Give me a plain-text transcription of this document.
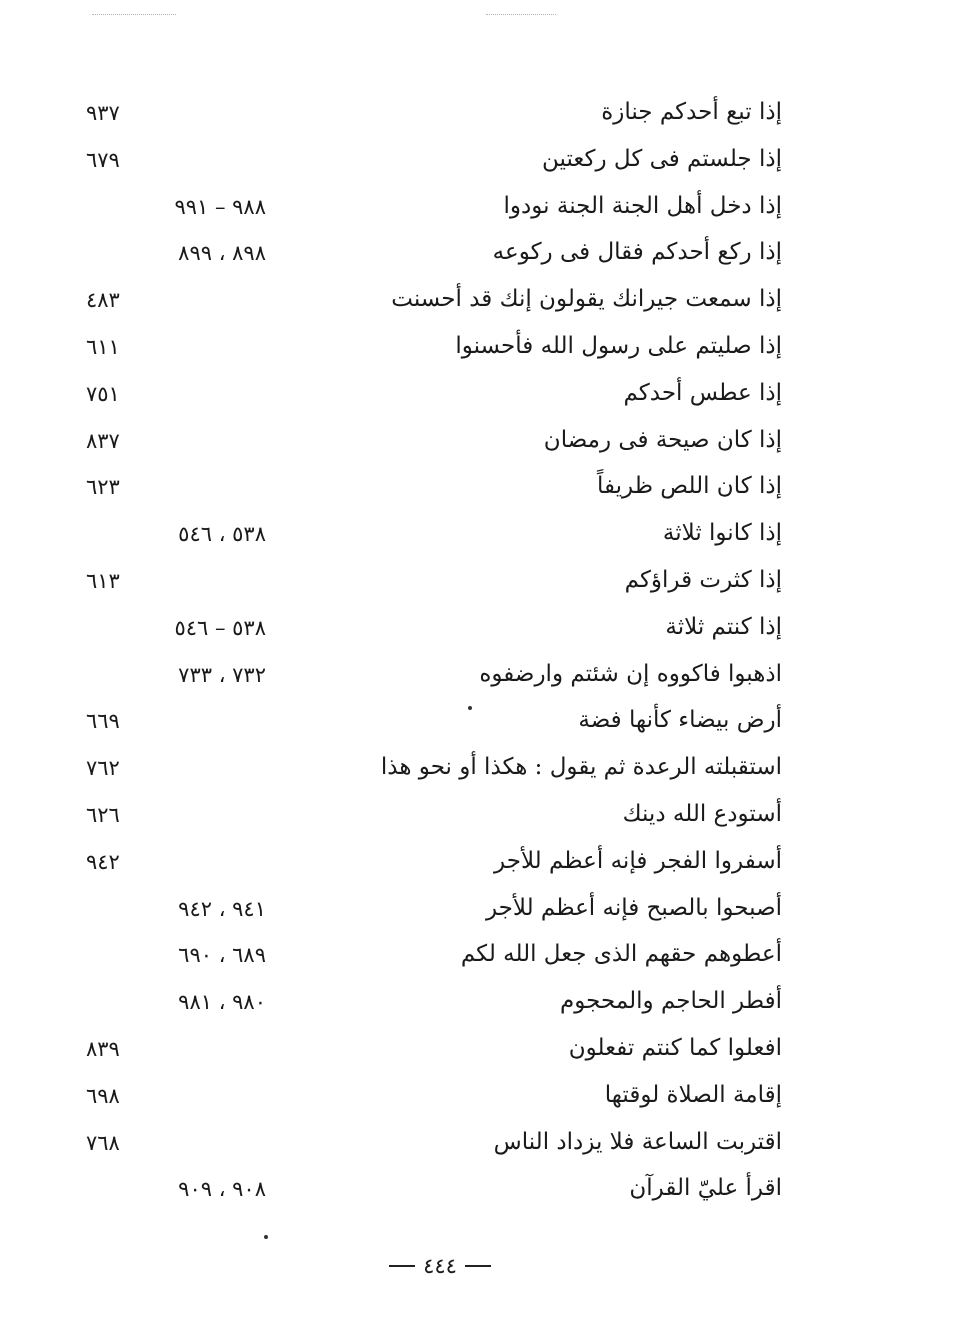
إذا تبع أحدكم جنازة
٩٣٧
إذا جلستم فى كل ركعتين
٦٧٩
إذا دخل أهل الجنة الجنة نودوا
٩٨٨ – ٩٩١
إذا ركع أحدكم فقال فى ركوعه
٨٩٨ ، ٨٩٩
إذا سمعت جيرانك يقولون إنك قد أحسنت
٤٨٣
إذا صليتم على رسول الله فأحسنوا
٦١١
إذا عطس أحدكم
٧٥١
إذا كان صيحة فى رمضان
٨٣٧
إذا كان اللص ظريفاً
٦٢٣
إذا كانوا ثلاثة
٥٣٨ ، ٥٤٦
إذا كثرت قراؤكم
٦١٣
إذا كنتم ثلاثة
٥٣٨ – ٥٤٦
اذهبوا فاكووه إن شئتم وارضفوه
٧٣٢ ، ٧٣٣
أرض بيضاء كأنها فضة
٦٦٩
استقبلته الرعدة ثم يقول : هكذا أو نحو هذا
٧٦٢
أستودع الله دينك
٦٢٦
أسفروا الفجر فإنه أعظم للأجر
٩٤٢
أصبحوا بالصبح فإنه أعظم للأجر
٩٤١ ، ٩٤٢
أعطوهم حقهم الذى جعل الله لكم
٦٨٩ ، ٦٩٠
أفطر الحاجم والمحجوم
٩٨٠ ، ٩٨١
افعلوا كما كنتم تفعلون
٨٣٩
إقامة الصلاة لوقتها
٦٩٨
اقتربت الساعة فلا يزداد الناس
٧٦٨
اقرأ عليّ القرآن
٩٠٨ ، ٩٠٩
٤٤٤
